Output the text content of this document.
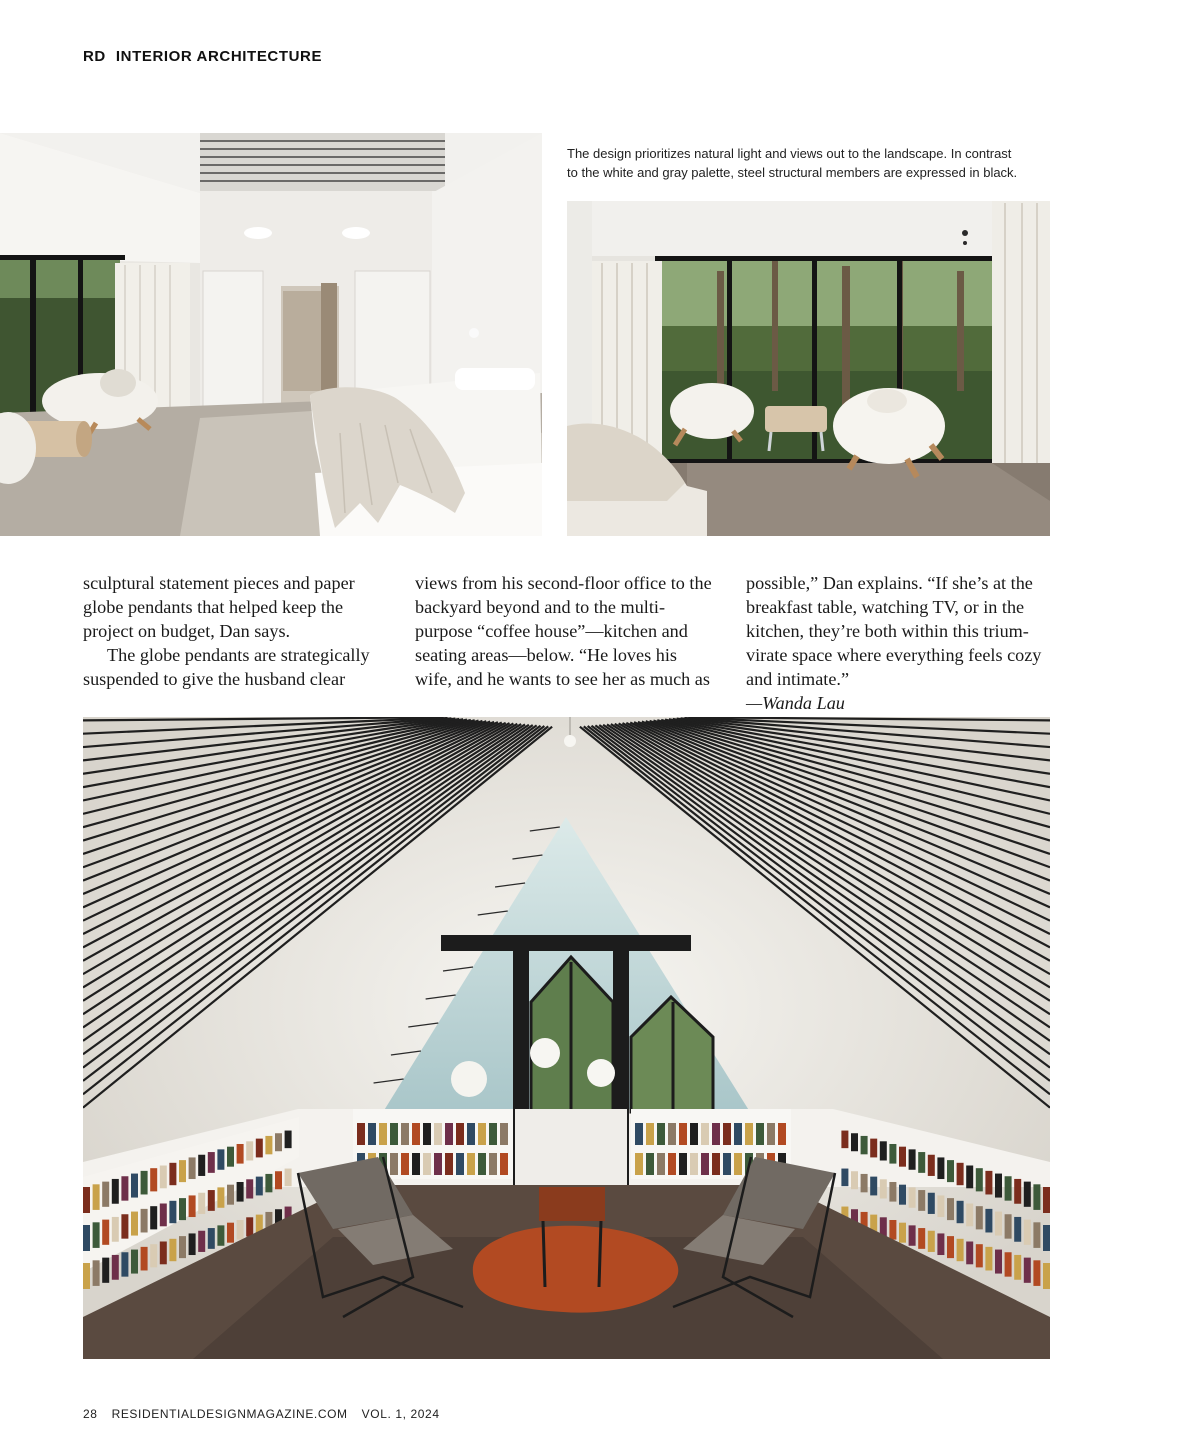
RD INTERIOR ARCHITECTURE
The design prioritizes natural light and views out to the landscape. In contrast
to the white and gray palette, steel structural members are expressed in black.
sculptural statement pieces and paper
globe pendants that helped keep the
project on budget, Dan says.
The globe pendants are strategically
suspended to give the husband clear
views from his second-floor office to the
backyard beyond and to the multi-
purpose “coffee house”—kitchen and
seating areas—below. “He loves his
wife, and he wants to see her as much as
possible,” Dan explains. “If she’s at the
breakfast table, watching TV, or in the
kitchen, they’re both within this trium-
virate space where everything feels cozy
and intimate.”
—Wanda Lau
28 RESIDENTIALDESIGNMAGAZINE.COM VOL. 1, 2024
